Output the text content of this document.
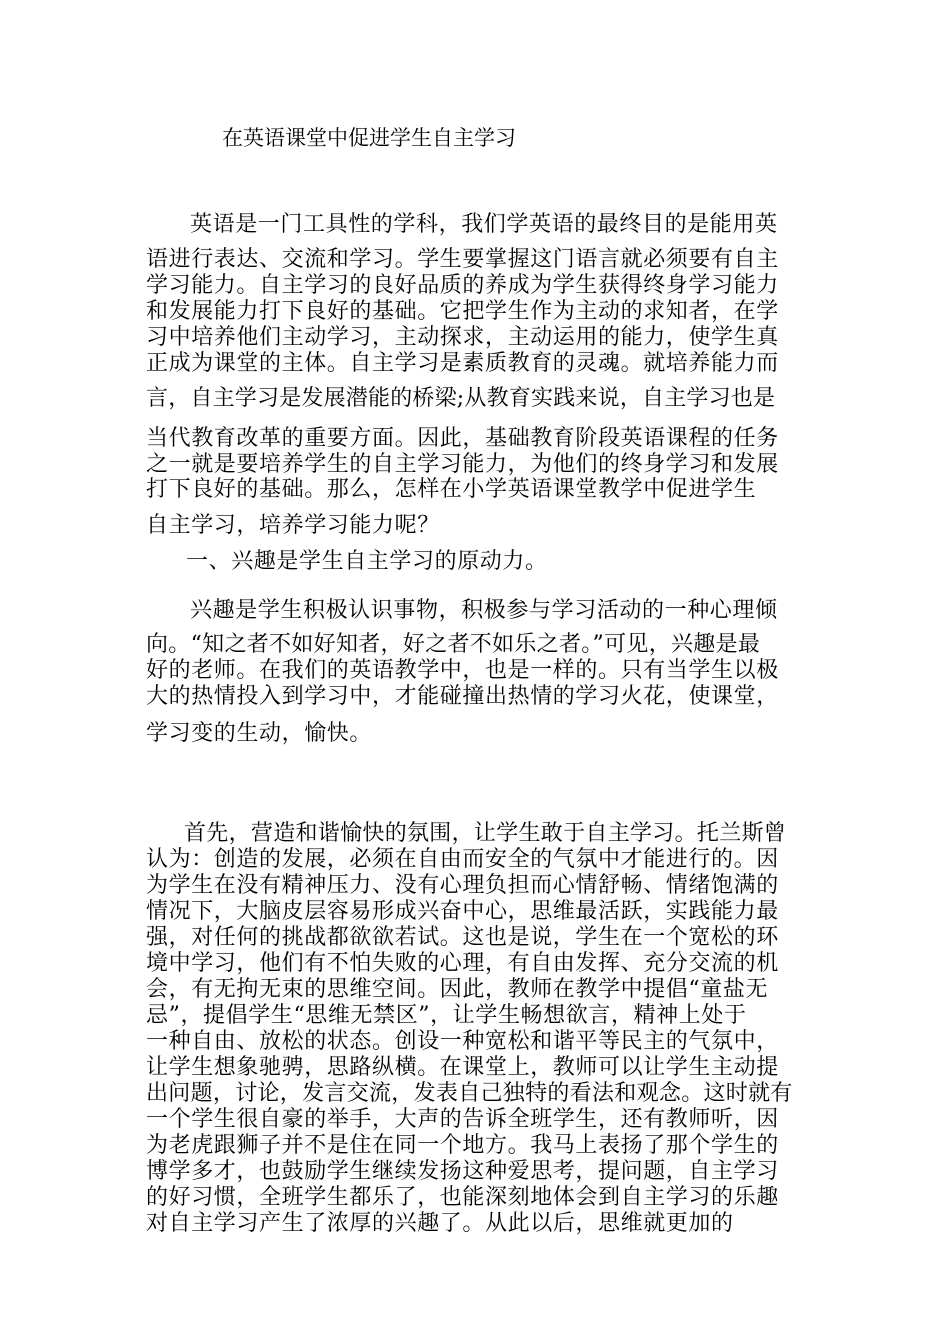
在英语课堂中促进学生自主学习

英语是一门工具性的学科，我们学英语的最终目的是能用英

语进行表达、交流和学习。学生要掌握这门语言就必须要有自主

学习能力。自主学习的良好品质的养成为学生获得终身学习能力

和发展能力打下良好的基础。它把学生作为主动的求知者，在学

习中培养他们主动学习，主动探求，主动运用的能力，使学生真

正成为课堂的主体。自主学习是素质教育的灵魂。就培养能力而

言，自主学习是发展潜能的桥梁;从教育实践来说，自主学习也是

当代教育改革的重要方面。因此，基础教育阶段英语课程的任务

之一就是要培养学生的自主学习能力，为他们的终身学习和发展

打下良好的基础。那么，怎样在小学英语课堂教学中促进学生

自主学习，培养学习能力呢？

一、兴趣是学生自主学习的原动力。

兴趣是学生积极认识事物，积极参与学习活动的一种心理倾

向。“知之者不如好知者，好之者不如乐之者。”可见，兴趣是最

好的老师。在我们的英语教学中，也是一样的。只有当学生以极

大的热情投入到学习中，才能碰撞出热情的学习火花，使课堂，

学习变的生动，愉快。

首先，营造和谐愉快的氛围，让学生敢于自主学习。托兰斯曾

认为：创造的发展，必须在自由而安全的气氛中才能进行的。因

为学生在没有精神压力、没有心理负担而心情舒畅、情绪饱满的

情况下，大脑皮层容易形成兴奋中心，思维最活跃，实践能力最

强，对任何的挑战都欲欲若试。这也是说，学生在一个宽松的环

境中学习，他们有不怕失败的心理，有自由发挥、充分交流的机

会，有无拘无束的思维空间。因此，教师在教学中提倡“童盐无

忌”，提倡学生“思维无禁区”，让学生畅想欲言，精神上处于

一种自由、放松的状态。创设一种宽松和谐平等民主的气氛中，

让学生想象驰骋，思路纵横。在课堂上，教师可以让学生主动提

出问题，讨论，发言交流，发表自己独特的看法和观念。这时就有

一个学生很自豪的举手，大声的告诉全班学生，还有教师听，因

为老虎跟狮子并不是住在同一个地方。我马上表扬了那个学生的

博学多才，也鼓励学生继续发扬这种爱思考，提问题，自主学习

的好习惯，全班学生都乐了，也能深刻地体会到自主学习的乐趣

对自主学习产生了浓厚的兴趣了。从此以后，思维就更加的
